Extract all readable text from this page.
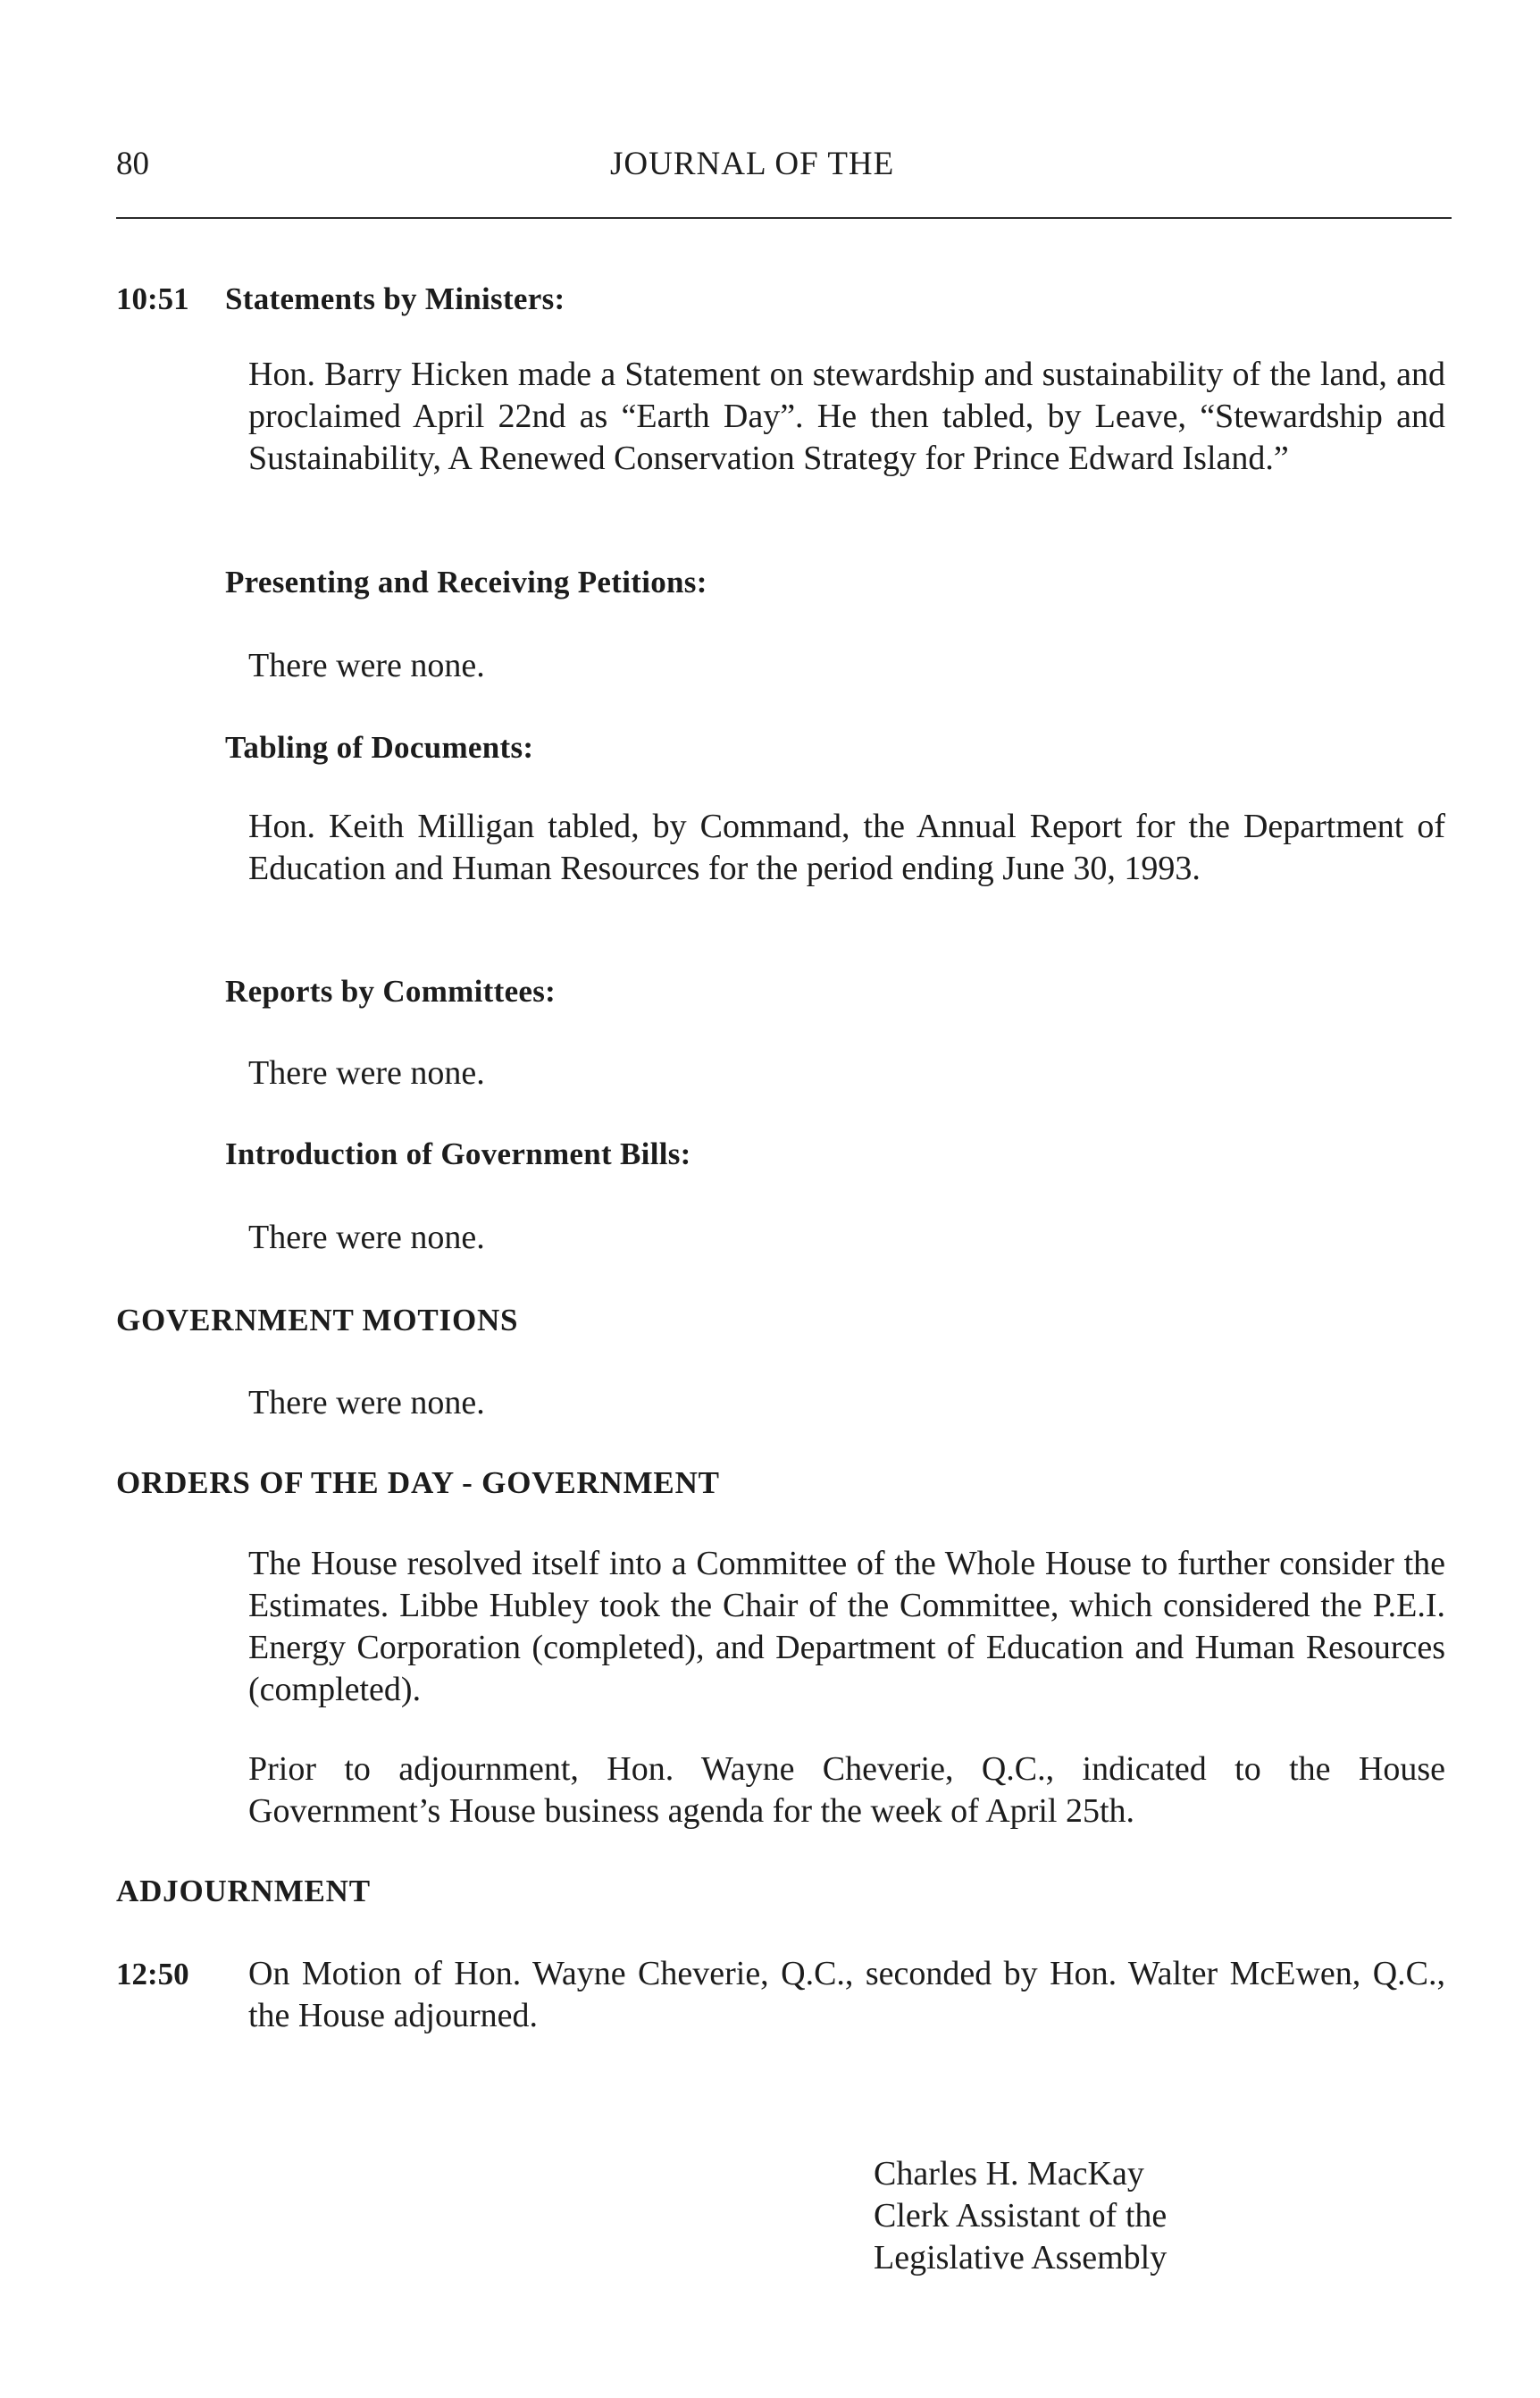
80	JOURNAL OF THE
10:51 Statements by Ministers:
Hon. Barry Hicken made a Statement on stewardship and sustainability of the land, and proclaimed April 22nd as “Earth Day”. He then tabled, by Leave, “Stewardship and Sustainability, A Renewed Conservation Strategy for Prince Edward Island.”
Presenting and Receiving Petitions:
There were none.
Tabling of Documents:
Hon. Keith Milligan tabled, by Command, the Annual Report for the Department of Education and Human Resources for the period ending June 30, 1993.
Reports by Committees:
There were none.
Introduction of Government Bills:
There were none.
GOVERNMENT MOTIONS
There were none.
ORDERS OF THE DAY - GOVERNMENT
The House resolved itself into a Committee of the Whole House to further consider the Estimates. Libbe Hubley took the Chair of the Committee, which considered the P.E.I. Energy Corporation (completed), and Department of Education and Human Resources (completed).
Prior to adjournment, Hon. Wayne Cheverie, Q.C., indicated to the House Government’s House business agenda for the week of April 25th.
ADJOURNMENT
12:50 On Motion of Hon. Wayne Cheverie, Q.C., seconded by Hon. Walter McEwen, Q.C., the House adjourned.
Charles H. MacKay
Clerk Assistant of the
Legislative Assembly
